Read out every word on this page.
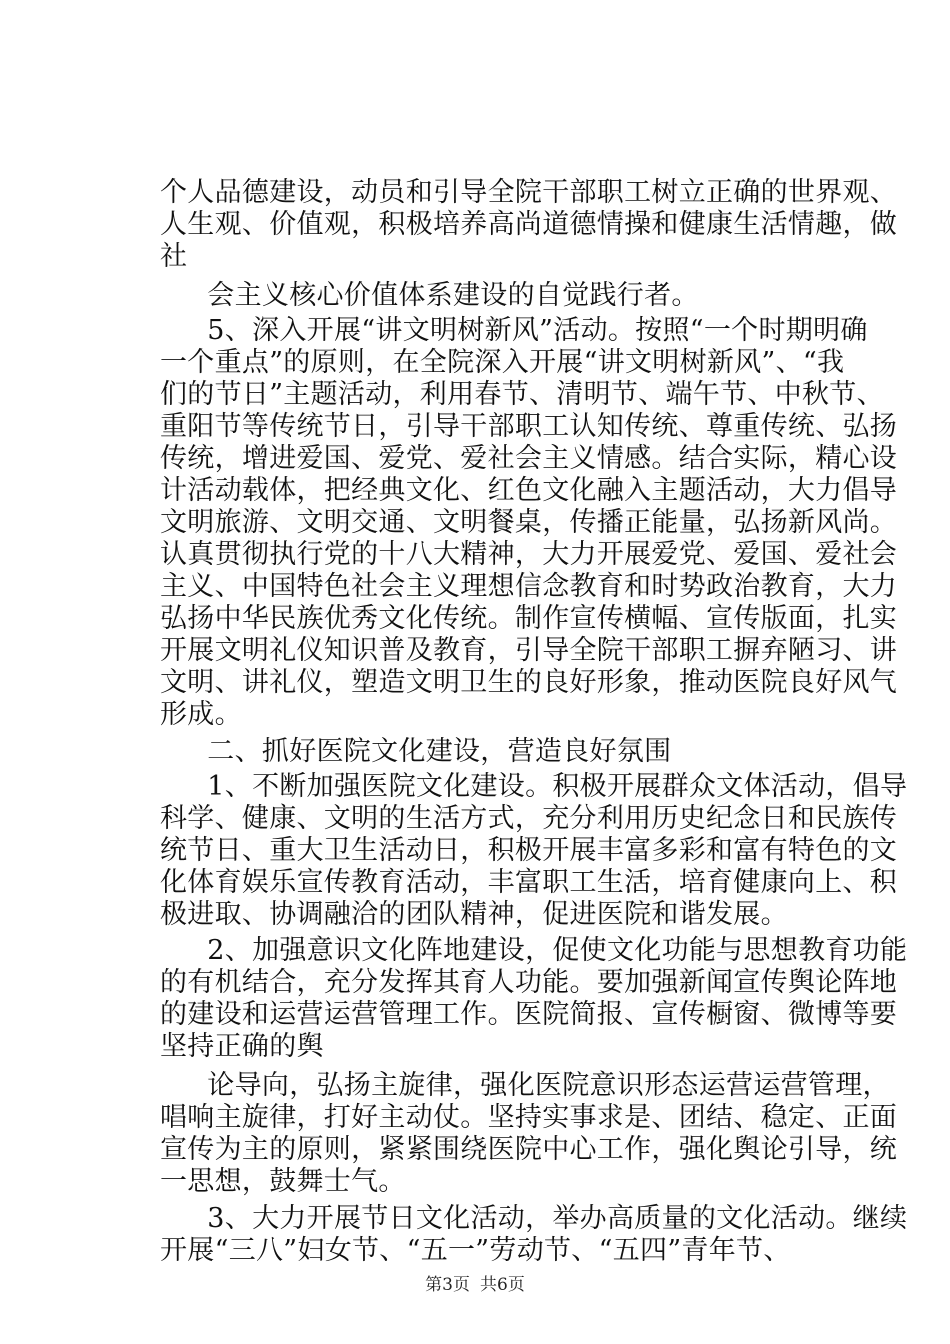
个人品德建设，动员和引导全院干部职工树立正确的世界观、
人生观、价值观，积极培养高尚道德情操和健康生活情趣，做
社
　会主义核心价值体系建设的自觉践行者。
　5、深入开展“讲文明树新风”活动。按照“一个时期明确
一个重点”的原则，在全院深入开展“讲文明树新风”、“我
们的节日”主题活动，利用春节、清明节、端午节、中秋节、
重阳节等传统节日，引导干部职工认知传统、尊重传统、弘扬
传统，增进爱国、爱党、爱社会主义情感。结合实际，精心设
计活动载体，把经典文化、红色文化融入主题活动，大力倡导
文明旅游、文明交通、文明餐桌，传播正能量，弘扬新风尚。
认真贯彻执行党的十八大精神，大力开展爱党、爱国、爱社会
主义、中国特色社会主义理想信念教育和时势政治教育，大力
弘扬中华民族优秀文化传统。制作宣传横幅、宣传版面，扎实
开展文明礼仪知识普及教育，引导全院干部职工摒弃陋习、讲
文明、讲礼仪，塑造文明卫生的良好形象，推动医院良好风气
形成。
　二、抓好医院文化建设，营造良好氛围
　1、不断加强医院文化建设。积极开展群众文体活动，倡导
科学、健康、文明的生活方式，充分利用历史纪念日和民族传
统节日、重大卫生活动日，积极开展丰富多彩和富有特色的文
化体育娱乐宣传教育活动，丰富职工生活，培育健康向上、积
极进取、协调融洽的团队精神，促进医院和谐发展。
　2、加强意识文化阵地建设，促使文化功能与思想教育功能
的有机结合，充分发挥其育人功能。要加强新闻宣传舆论阵地
的建设和运营运营管理工作。医院简报、宣传橱窗、微博等要
坚持正确的舆
　论导向，弘扬主旋律，强化医院意识形态运营运营管理，
唱响主旋律，打好主动仗。坚持实事求是、团结、稳定、正面
宣传为主的原则，紧紧围绕医院中心工作，强化舆论引导，统
一思想，鼓舞士气。
　3、大力开展节日文化活动，举办高质量的文化活动。继续
开展“三八”妇女节、“五一”劳动节、“五四”青年节、
第3页 共6页
